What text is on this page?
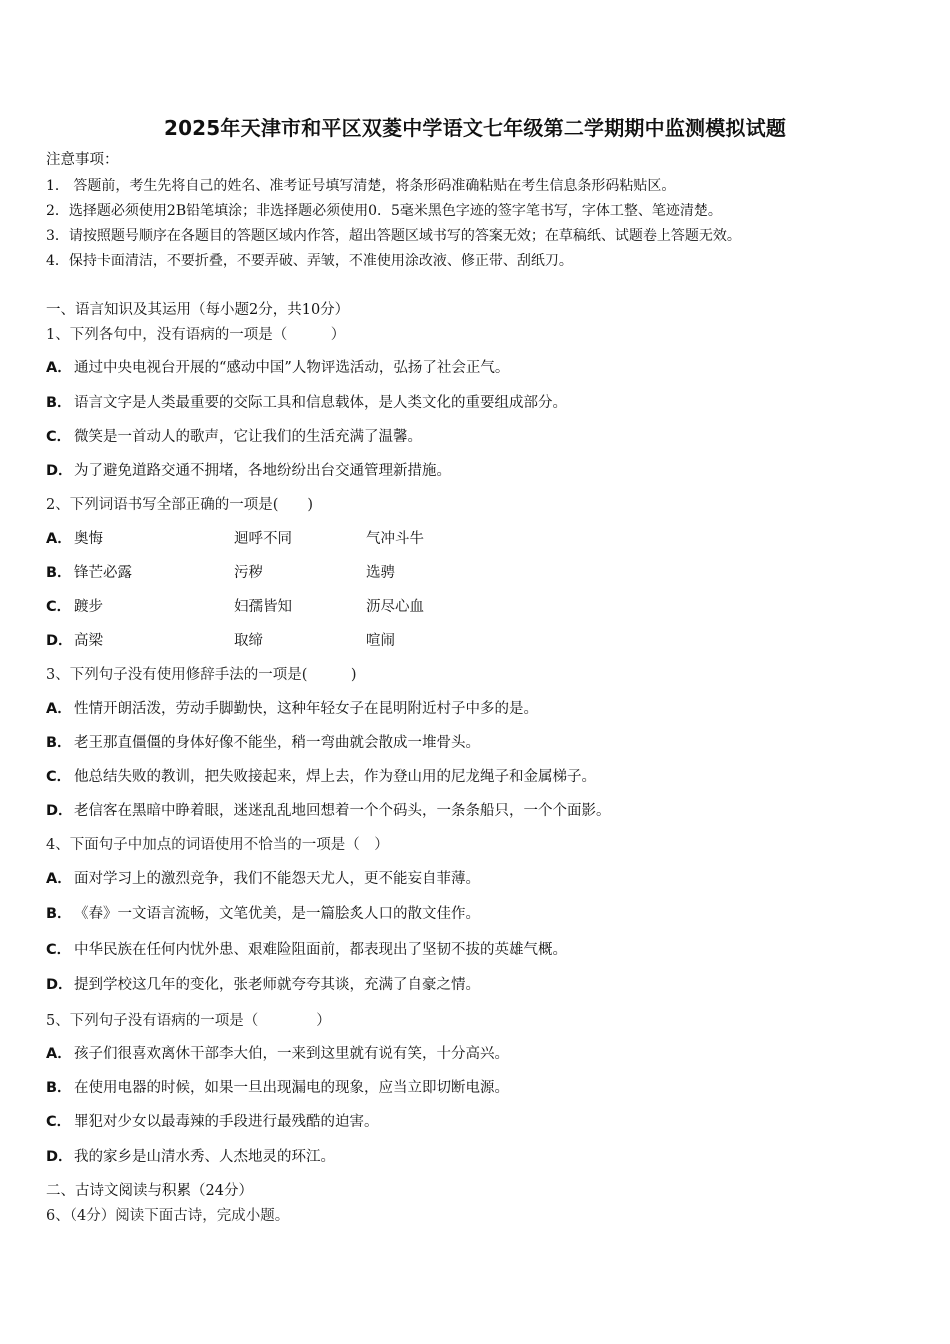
2025年天津市和平区双菱中学语文七年级第二学期期中监测模拟试题
注意事项：
1． 答题前，考生先将自己的姓名、准考证号填写清楚，将条形码准确粘贴在考生信息条形码粘贴区。
2．选择题必须使用2B铅笔填涂；非选择题必须使用0．5毫米黑色字迹的签字笔书写，字体工整、笔迹清楚。
3．请按照题号顺序在各题目的答题区域内作答，超出答题区域书写的答案无效；在草稿纸、试题卷上答题无效。
4．保持卡面清洁，不要折叠，不要弄破、弄皱，不准使用涂改液、修正带、刮纸刀。
一、语言知识及其运用（每小题2分，共10分）
1、下列各句中，没有语病的一项是（　　　）
A． 通过中央电视台开展的“感动中国”人物评选活动，弘扬了社会正气。
B． 语言文字是人类最重要的交际工具和信息载体，是人类文化的重要组成部分。
C． 微笑是一首动人的歌声，它让我们的生活充满了温馨。
D．为了避免道路交通不拥堵，各地纷纷出台交通管理新措施。
2、下列词语书写全部正确的一项是(　　)
A． 奥悔	迴呼不同	气冲斗牛
B． 锋芒必露	污秽	选骋
C． 踱步	妇孺皆知	沥尽心血
D． 高梁	取缔	喧闹
3、下列句子没有使用修辞手法的一项是(　　　)
A． 性情开朗活泼，劳动手脚勤快，这种年轻女子在昆明附近村子中多的是。
B． 老王那直僵僵的身体好像不能坐，稍一弯曲就会散成一堆骨头。
C． 他总结失败的教训，把失败接起来，焊上去，作为登山用的尼龙绳子和金属梯子。
D．老信客在黑暗中睁着眼，迷迷乱乱地回想着一个个码头，一条条船只，一个个面影。
4、下面句子中加点的词语使用不恰当的一项是（　）
A． 面对学习上的激烈竞争，我们不能怨天尤人，更不能妄自菲薄。
B． 《春》一文语言流畅，文笔优美，是一篇脍炙人口的散文佳作。
C． 中华民族在任何内忧外患、艰难险阻面前，都表现出了坚韧不拔的英雄气概。
D．提到学校这几年的变化，张老师就夸夸其谈，充满了自豪之情。
5、下列句子没有语病的一项是（　　　　）
A． 孩子们很喜欢离休干部李大伯，一来到这里就有说有笑，十分高兴。
B． 在使用电器的时候，如果一旦出现漏电的现象，应当立即切断电源。
C． 罪犯对少女以最毒辣的手段进行最残酷的迫害。
D．我的家乡是山清水秀、人杰地灵的环江。
二、古诗文阅读与积累（24分）
6、（4分）阅读下面古诗，完成小题。
